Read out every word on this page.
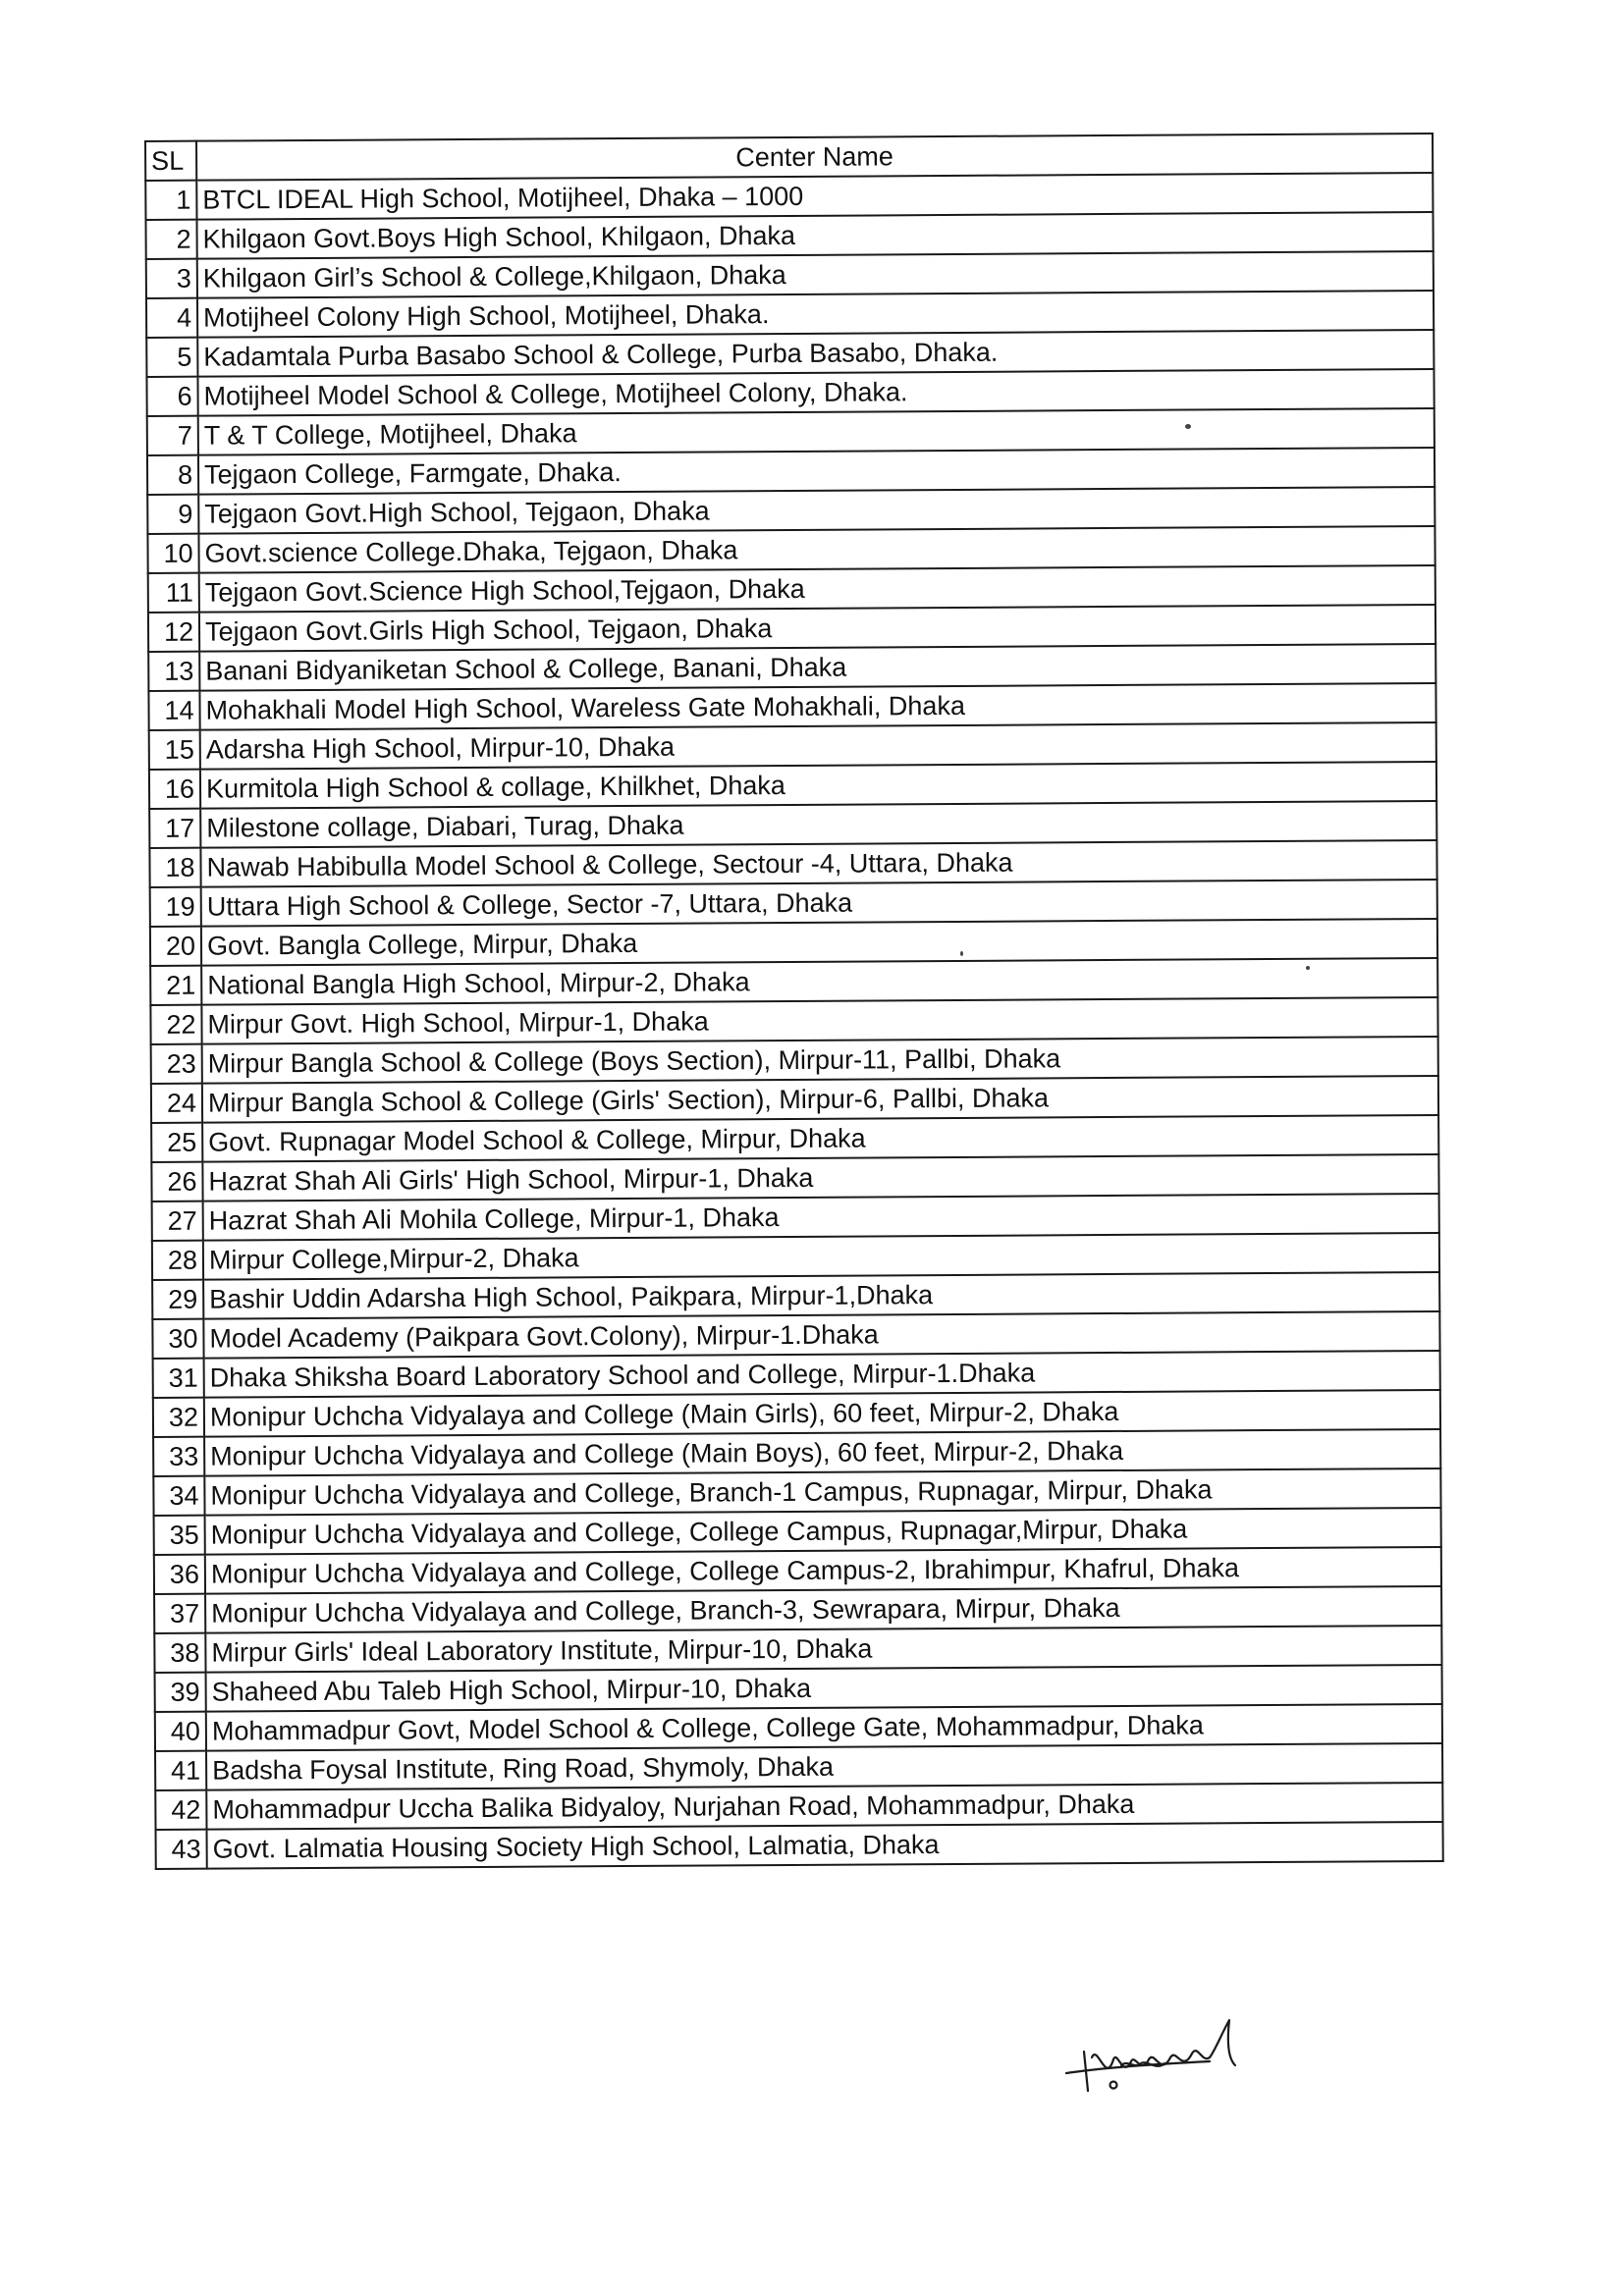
SL	Center Name
1	BTCL IDEAL High School, Motijheel, Dhaka – 1000
2	Khilgaon Govt.Boys High School, Khilgaon, Dhaka
3	Khilgaon Girl’s School & College,Khilgaon, Dhaka
4	Motijheel Colony High School, Motijheel, Dhaka.
5	Kadamtala Purba Basabo School & College, Purba Basabo, Dhaka.
6	Motijheel Model School & College, Motijheel Colony, Dhaka.
7	T & T College, Motijheel, Dhaka
8	Tejgaon College, Farmgate, Dhaka.
9	Tejgaon Govt.High School, Tejgaon, Dhaka
10	Govt.science College.Dhaka, Tejgaon, Dhaka
11	Tejgaon Govt.Science High School,Tejgaon, Dhaka
12	Tejgaon Govt.Girls High School, Tejgaon, Dhaka
13	Banani Bidyaniketan School & College, Banani, Dhaka
14	Mohakhali Model High School, Wareless Gate Mohakhali, Dhaka
15	Adarsha High School, Mirpur-10, Dhaka
16	Kurmitola High School & collage, Khilkhet, Dhaka
17	Milestone collage, Diabari, Turag, Dhaka
18	Nawab Habibulla Model School & College, Sectour -4, Uttara, Dhaka
19	Uttara High School & College, Sector -7, Uttara, Dhaka
20	Govt. Bangla College, Mirpur, Dhaka
21	National Bangla High School, Mirpur-2, Dhaka
22	Mirpur Govt. High School, Mirpur-1, Dhaka
23	Mirpur Bangla School & College (Boys Section), Mirpur-11, Pallbi, Dhaka
24	Mirpur Bangla School & College (Girls' Section), Mirpur-6, Pallbi, Dhaka
25	Govt. Rupnagar Model School & College, Mirpur, Dhaka
26	Hazrat Shah Ali Girls' High School, Mirpur-1, Dhaka
27	Hazrat Shah Ali Mohila College, Mirpur-1, Dhaka
28	Mirpur College,Mirpur-2, Dhaka
29	Bashir Uddin Adarsha High School, Paikpara, Mirpur-1,Dhaka
30	Model Academy (Paikpara Govt.Colony), Mirpur-1.Dhaka
31	Dhaka Shiksha Board Laboratory School and College, Mirpur-1.Dhaka
32	Monipur Uchcha Vidyalaya and College (Main Girls), 60 feet, Mirpur-2, Dhaka
33	Monipur Uchcha Vidyalaya and College (Main Boys), 60 feet, Mirpur-2, Dhaka
34	Monipur Uchcha Vidyalaya and College, Branch-1 Campus, Rupnagar, Mirpur, Dhaka
35	Monipur Uchcha Vidyalaya and College, College Campus, Rupnagar,Mirpur, Dhaka
36	Monipur Uchcha Vidyalaya and College, College Campus-2, Ibrahimpur, Khafrul, Dhaka
37	Monipur Uchcha Vidyalaya and College, Branch-3, Sewrapara, Mirpur, Dhaka
38	Mirpur Girls' Ideal Laboratory Institute, Mirpur-10, Dhaka
39	Shaheed Abu Taleb High School, Mirpur-10, Dhaka
40	Mohammadpur Govt, Model School & College, College Gate, Mohammadpur, Dhaka
41	Badsha Foysal Institute, Ring Road, Shymoly, Dhaka
42	Mohammadpur Uccha Balika Bidyaloy, Nurjahan Road, Mohammadpur, Dhaka
43	Govt. Lalmatia Housing Society High School, Lalmatia, Dhaka
